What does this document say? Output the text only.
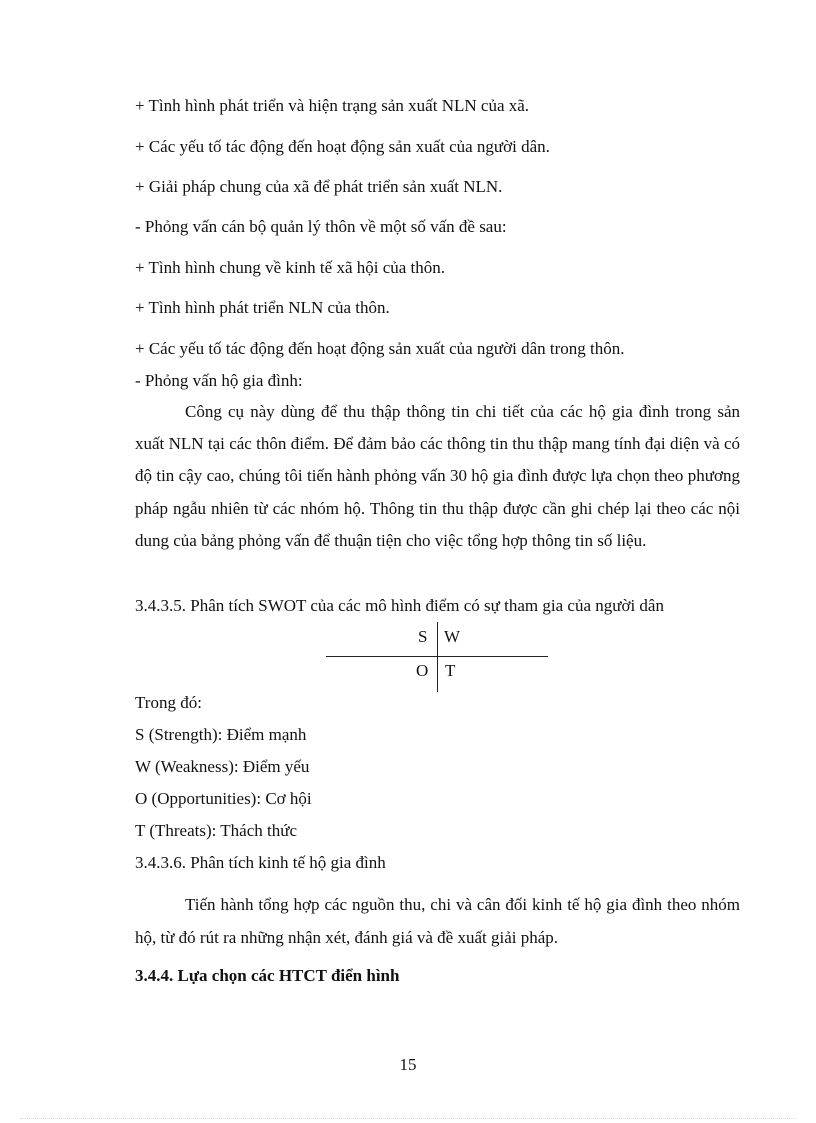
+ Tình hình phát triển và hiện trạng sản xuất NLN của xã.
+ Các yếu tố tác động đến hoạt động sản xuất của người dân.
+ Giải pháp chung của xã để phát triển sản xuất NLN.
- Phỏng vấn cán bộ quản lý thôn về một số vấn đề sau:
+ Tình hình chung về kinh tế xã hội của thôn.
+ Tình hình phát triển NLN của thôn.
+ Các yếu tố tác động đến hoạt động sản xuất của người dân trong thôn.
- Phỏng vấn hộ gia đình:
Công cụ này dùng để thu thập thông tin chi tiết của các hộ gia đình trong sản xuất NLN tại các thôn điểm. Để đảm bảo các thông tin thu thập mang tính đại diện và có độ tin cậy cao, chúng tôi tiến hành phỏng vấn 30 hộ gia đình được lựa chọn theo phương pháp ngẫu nhiên từ các nhóm hộ. Thông tin thu thập được cần ghi chép lại theo các nội dung của bảng phỏng vấn để thuận tiện cho việc tổng hợp thông tin số liệu.
3.4.3.5. Phân tích SWOT của các mô hình điểm có sự tham gia của người dân
S W
O T
Trong đó:
S (Strength): Điểm mạnh
W (Weakness): Điểm yếu
O (Opportunities): Cơ hội
T (Threats): Thách thức
3.4.3.6. Phân tích kinh tế hộ gia đình
Tiến hành tổng hợp các nguồn thu, chi và cân đối kinh tế hộ gia đình theo nhóm hộ, từ đó rút ra những nhận xét, đánh giá và đề xuất giải pháp.
3.4.4. Lựa chọn các HTCT điển hình
15
